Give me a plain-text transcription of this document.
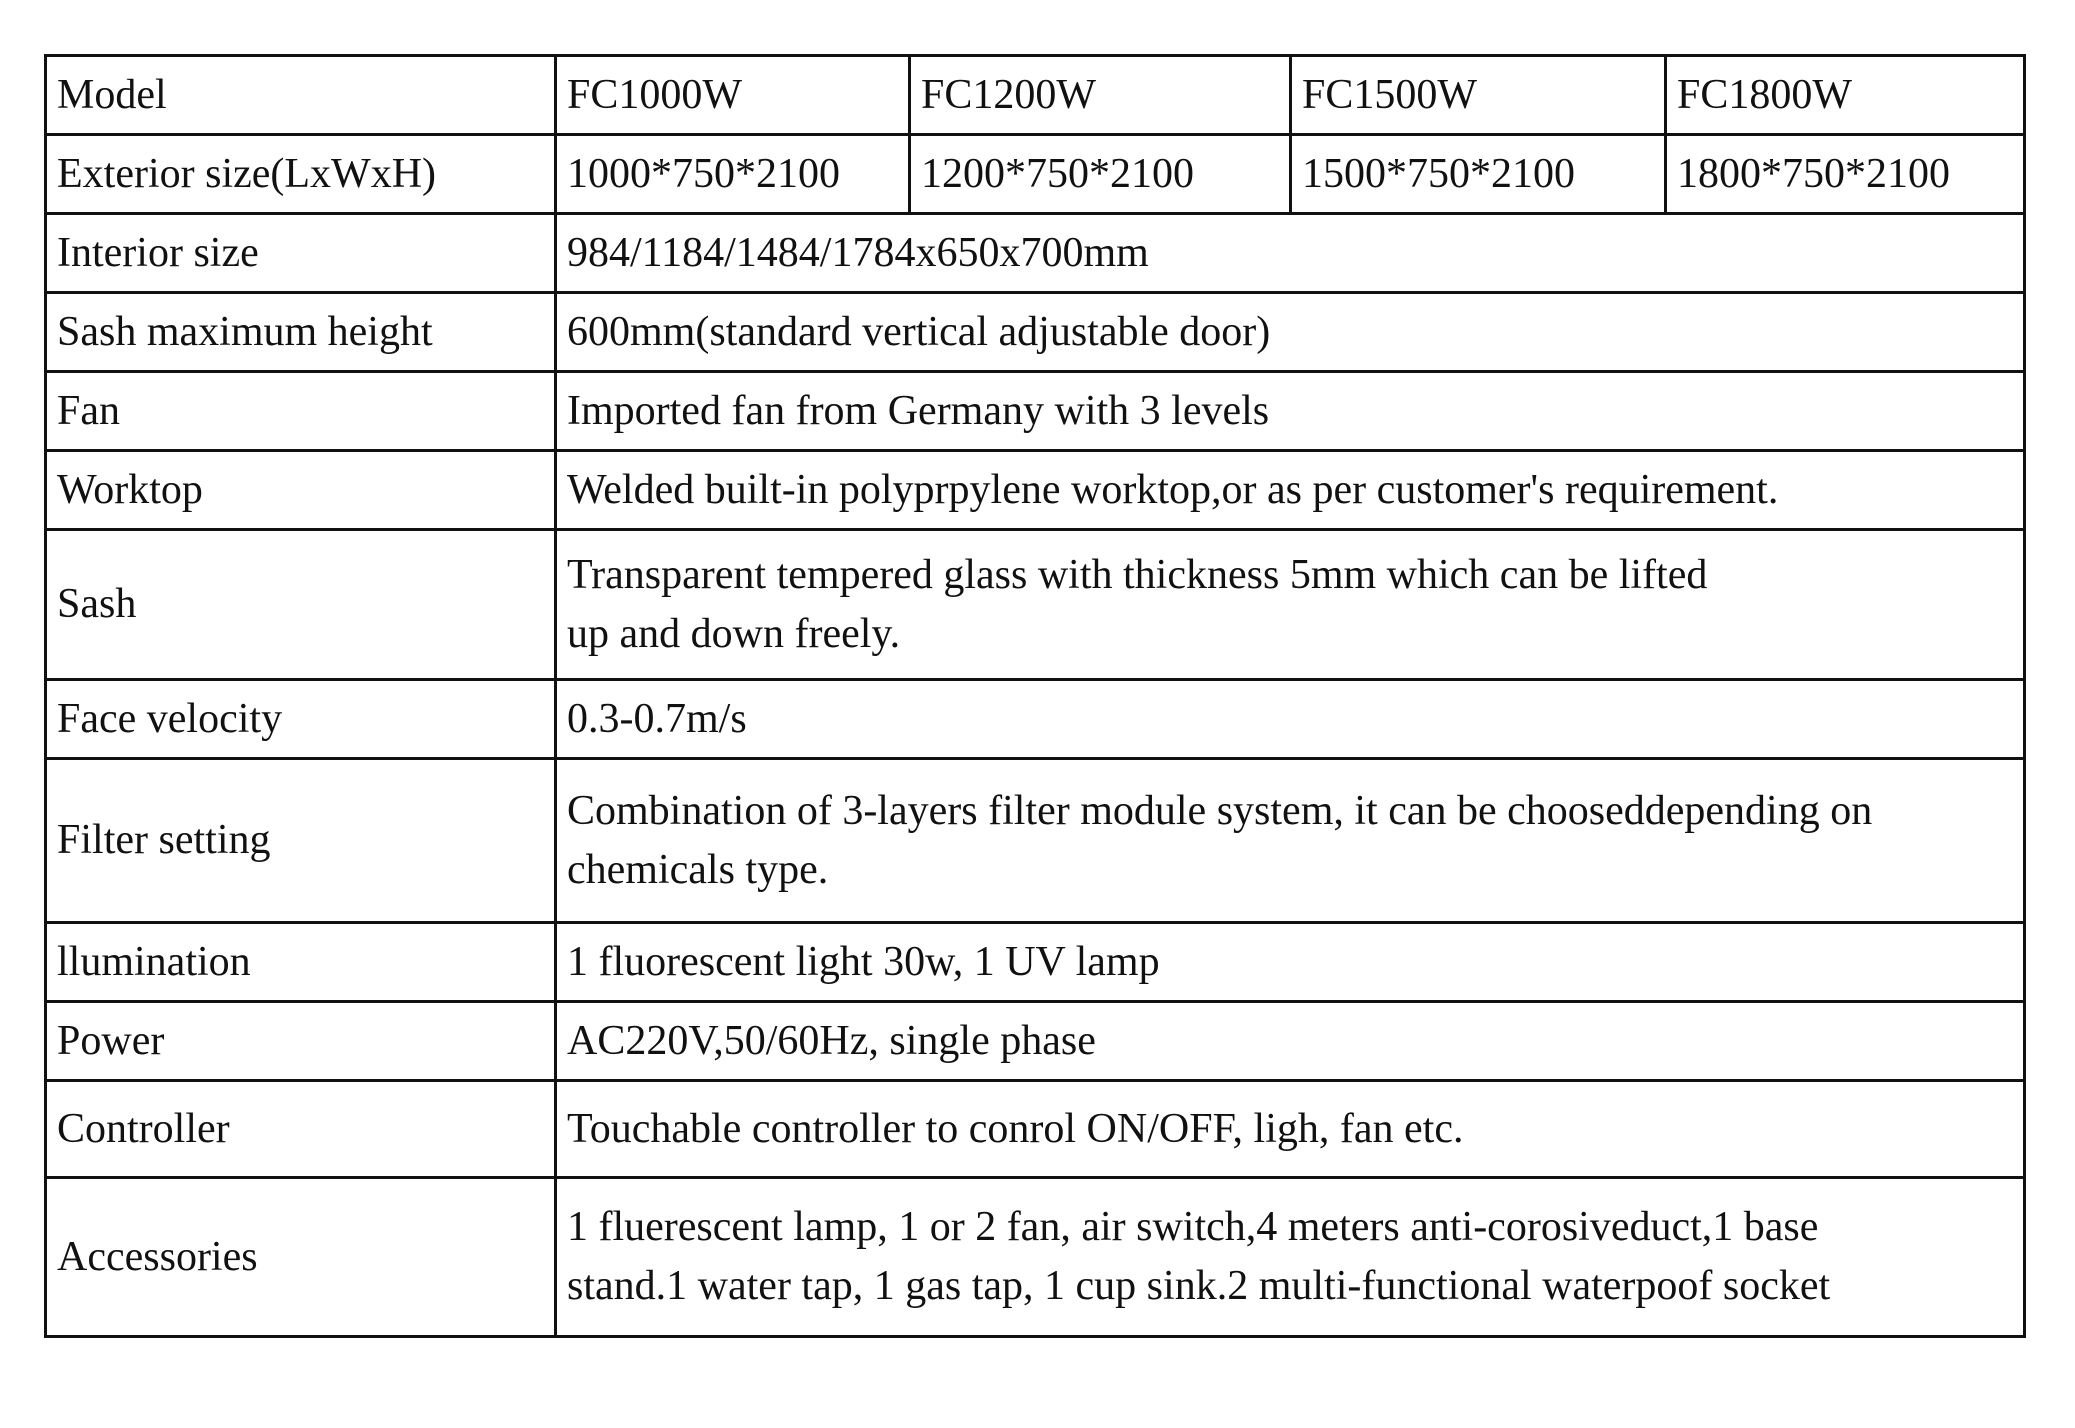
Model	FC1000W	FC1200W	FC1500W	FC1800W
Exterior size(LxWxH)	1000*750*2100	1200*750*2100	1500*750*2100	1800*750*2100
Interior size	984/1184/1484/1784x650x700mm			
Sash maximum height	600mm(standard vertical adjustable door)			
Fan	Imported fan from Germany with 3 levels			
Worktop	Welded built-in polyprpylene worktop,or as per customer's requirement.			
Sash	Transparent tempered glass with thickness 5mm which can be lifted
up and down freely.			

Face velocity	0.3-0.7m/s			
Filter setting	Combination of 3-layers filter module system, it can be chooseddepending on chemicals type.			
llumination	1 fluorescent light 30w, 1 UV lamp			
Power	AC220V,50/60Hz, single phase			
Controller	Touchable controller to conrol ON/OFF, ligh, fan etc.			
Accessories	1 fluerescent lamp, 1 or 2 fan, air switch,4 meters anti-corosiveduct,1 base
stand.1 water tap, 1 gas tap, 1 cup sink.2 multi-functional waterpoof socket			
